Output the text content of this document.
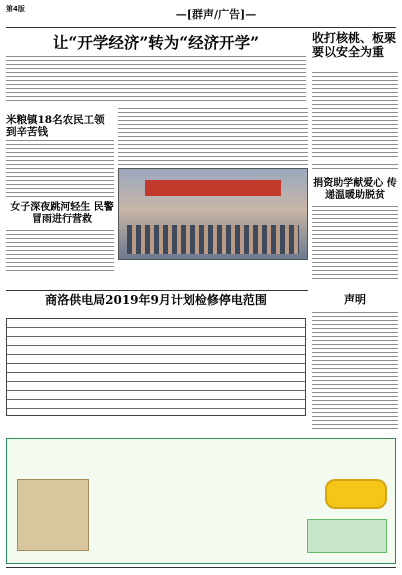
第4版	—[群声/广告]—
让“开学经济”转为“经济开学”	收打核桃、板栗要以安全为重
米粮镇18名农民工领到辛苦钱
女子深夜跳河轻生 民警冒雨进行营救
捐资助学献爱心 传递温暖助脱贫
商洛供电局2019年9月计划检修停电范围	声明
